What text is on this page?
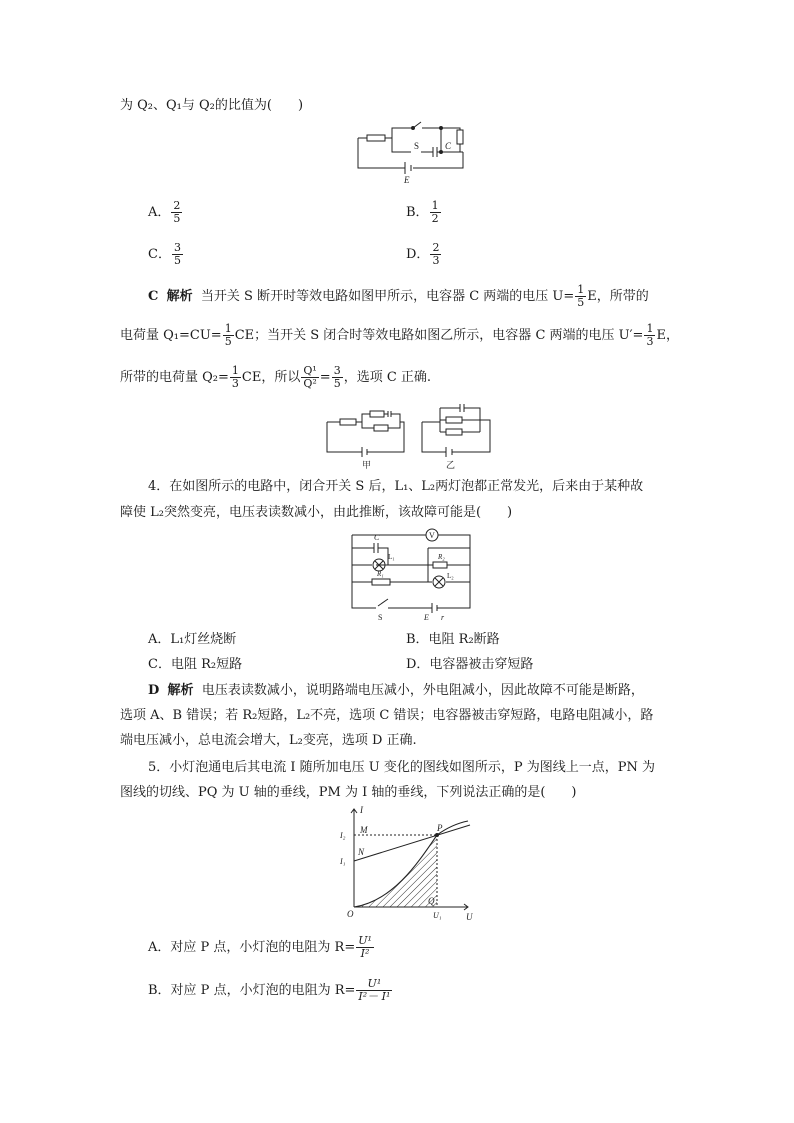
为 Q₂、Q₁与 Q₂的比值为(　　)
S	C
E
A． $\frac{2}{5}$	B． $\frac{1}{2}$
C． $\frac{3}{5}$	D． $\frac{2}{3}$
C 解析 当开关 S 断开时等效电路如图甲所示，电容器 C 两端的电压 $U= \frac{1}{5}$ E，所带的
电荷量 $Q_1=CU= \frac{1}{5}$ CE；当开关 S 闭合时等效电路如图乙所示，电容器 C 两端的电压 $U'= \frac{1}{3}$ E，
所带的电荷量 $Q_2= \frac{1}{3}$ CE，所以 $\frac{\text{Q¹}}{\text{Q²}} = \frac{3}{5}$ ，选项 C 正确.
甲	乙
4．在如图所示的电路中，闭合开关 S 后，L₁、L₂两灯泡都正常发光，后来由于某种故
障使 L₂突然变亮，电压表读数减小，由此推断，该故障可能是(　　)
V
C
L₁	R₂
R₁	L₂
S	E r
A．L₁灯丝烧断	B．电阻 R₂断路
C．电阻 R₂短路	D．电容器被击穿短路
D 解析 电压表读数减小，说明路端电压减小，外电阻减小，因此故障不可能是断路，
选项 A、B 错误；若 R₂短路，L₂不亮，选项 C 错误；电容器被击穿短路，电路电阻减小，路
端电压减小，总电流会增大，L₂变亮，选项 D 正确.
5．小灯泡通电后其电流 I 随所加电压 U 变化的图线如图所示，P 为图线上一点，PN 为
图线的切线、PQ 为 U 轴的垂线，PM 为 I 轴的垂线，下列说法正确的是(　　)
I
U
O
M
N
P
Q
I₂
I₁
U₁
A．对应 P 点，小灯泡的电阻为 $R= \frac{\text{U¹}}{\text{I²}}$
B．对应 P 点，小灯泡的电阻为 $R= \frac{\text{U¹}}{\text{I²－ I¹}}$
